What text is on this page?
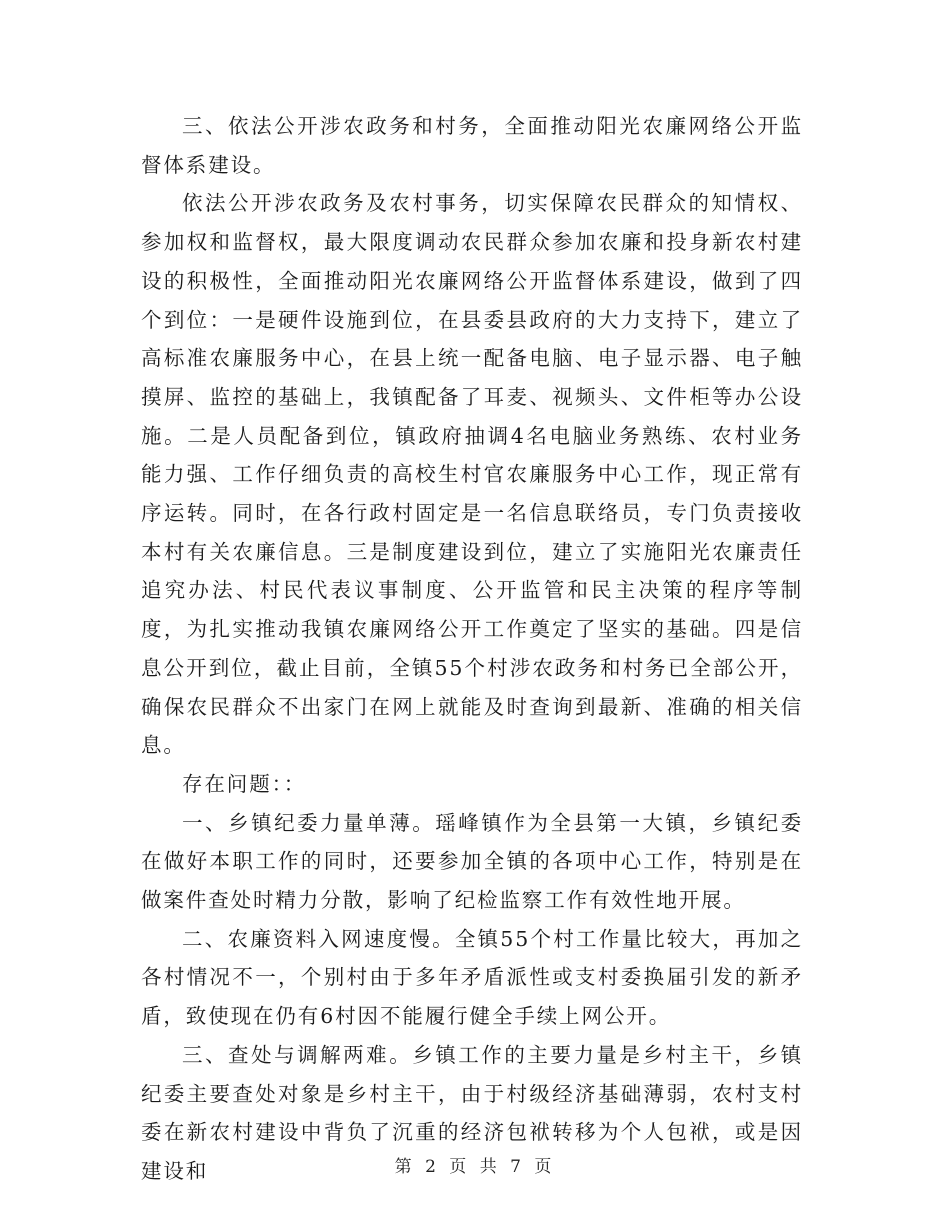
三、依法公开涉农政务和村务，全面推动阳光农廉网络公开监督体系建设。

依法公开涉农政务及农村事务，切实保障农民群众的知情权、参加权和监督权，最大限度调动农民群众参加农廉和投身新农村建设的积极性，全面推动阳光农廉网络公开监督体系建设，做到了四个到位：一是硬件设施到位，在县委县政府的大力支持下，建立了高标准农廉服务中心，在县上统一配备电脑、电子显示器、电子触摸屏、监控的基础上，我镇配备了耳麦、视频头、文件柜等办公设施。二是人员配备到位，镇政府抽调4名电脑业务熟练、农村业务能力强、工作仔细负责的高校生村官农廉服务中心工作，现正常有序运转。同时，在各行政村固定是一名信息联络员，专门负责接收本村有关农廉信息。三是制度建设到位，建立了实施阳光农廉责任追究办法、村民代表议事制度、公开监管和民主决策的程序等制度，为扎实推动我镇农廉网络公开工作奠定了坚实的基础。四是信息公开到位，截止目前，全镇55个村涉农政务和村务已全部公开，确保农民群众不出家门在网上就能及时查询到最新、准确的相关信息。

存在问题：：

一、乡镇纪委力量单薄。瑶峰镇作为全县第一大镇，乡镇纪委在做好本职工作的同时，还要参加全镇的各项中心工作，特别是在做案件查处时精力分散，影响了纪检监察工作有效性地开展。

二、农廉资料入网速度慢。全镇55个村工作量比较大，再加之各村情况不一，个别村由于多年矛盾派性或支村委换届引发的新矛盾，致使现在仍有6村因不能履行健全手续上网公开。

三、查处与调解两难。乡镇工作的主要力量是乡村主干，乡镇纪委主要查处对象是乡村主干，由于村级经济基础薄弱，农村支村委在新农村建设中背负了沉重的经济包袱转移为个人包袱，或是因建设和	第 2 页 共 7 页
